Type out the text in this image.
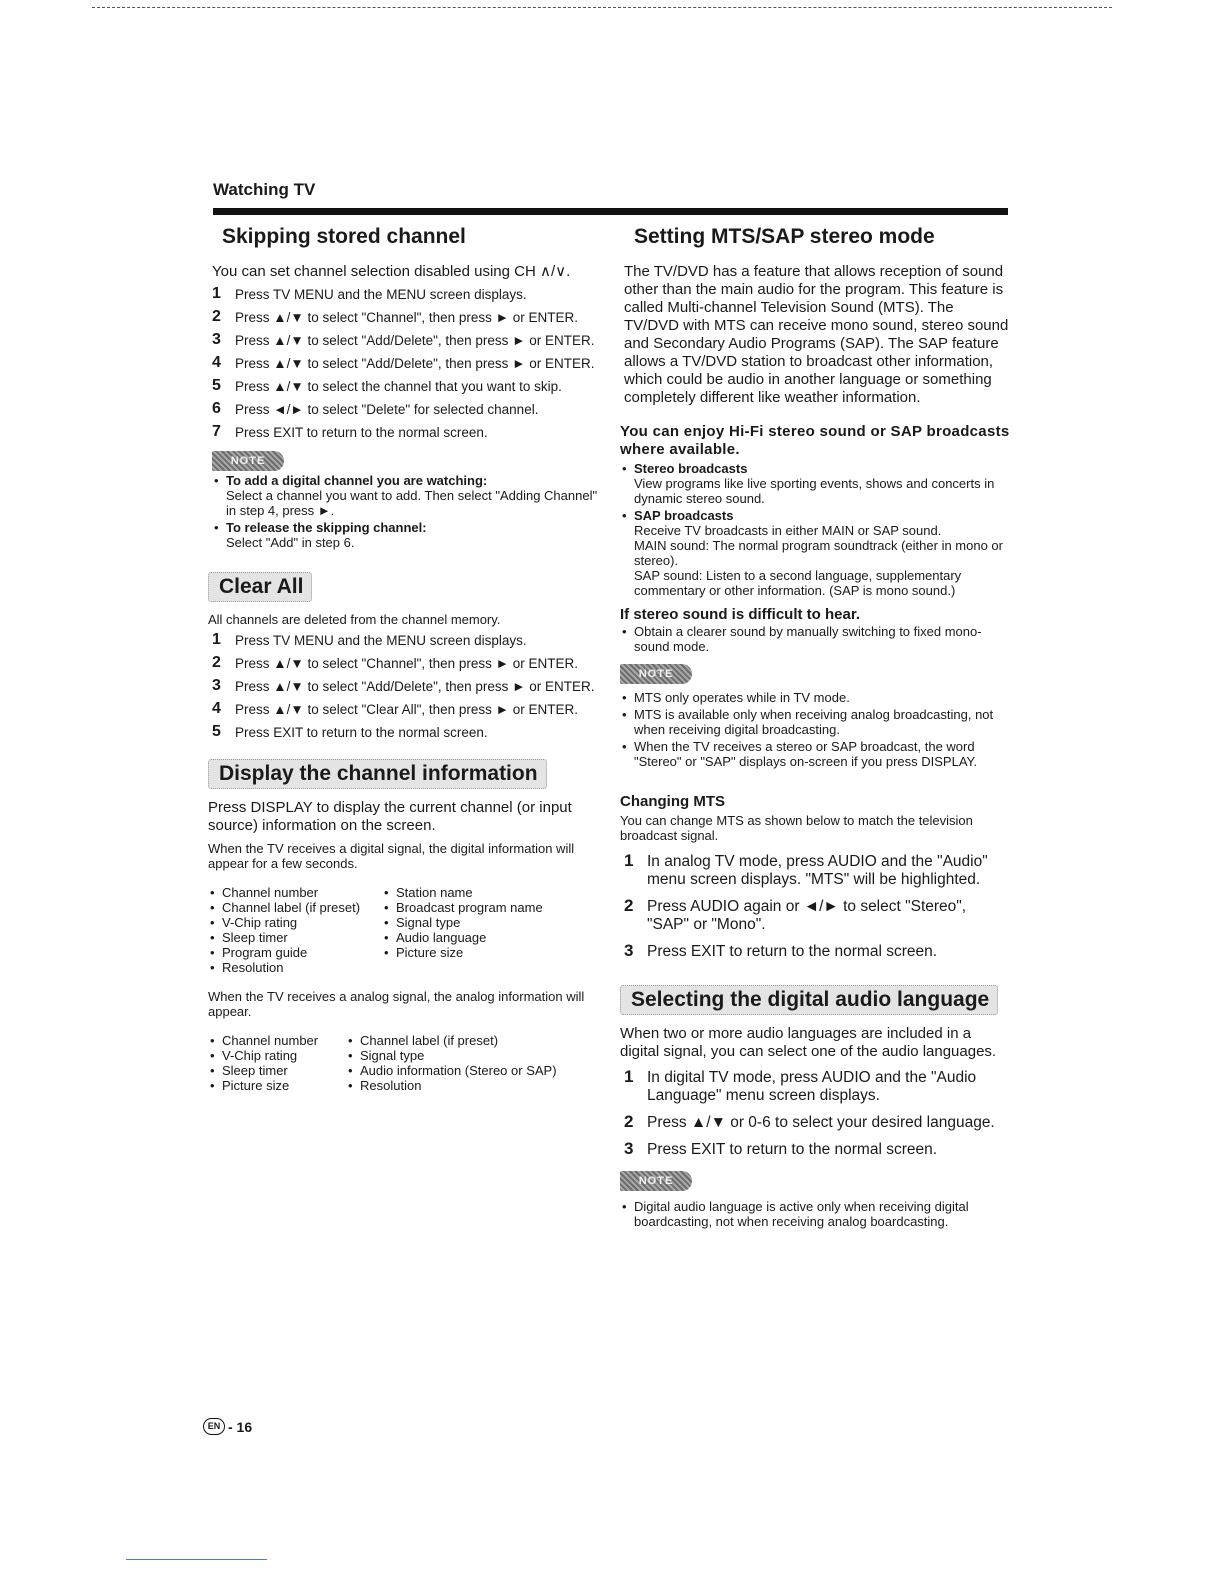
Watching TV
Skipping stored channel

You can set channel selection disabled using CH ∧/∨.

1 Press TV MENU and the MENU screen displays.
2 Press ▲/▼ to select "Channel", then press ► or ENTER.
3 Press ▲/▼ to select "Add/Delete", then press ► or ENTER.
4 Press ▲/▼ to select "Add/Delete", then press ► or ENTER.
5 Press ▲/▼ to select the channel that you want to skip.
6 Press ◄/► to select "Delete" for selected channel.
7 Press EXIT to return to the normal screen.
NOTE
• To add a digital channel you are watching:
Select a channel you want to add. Then select "Adding Channel" in step 4, press ►.
• To release the skipping channel:
Select "Add" in step 6.
Clear All

All channels are deleted from the channel memory.

1 Press TV MENU and the MENU screen displays.
2 Press ▲/▼ to select "Channel", then press ► or ENTER.
3 Press ▲/▼ to select "Add/Delete", then press ► or ENTER.
4 Press ▲/▼ to select "Clear All", then press ► or ENTER.
5 Press EXIT to return to the normal screen.
Display the channel information

Press DISPLAY to display the current channel (or input source) information on the screen.

When the TV receives a digital signal, the digital information will appear for a few seconds.

• Channel number
• Channel label (if preset)
• V-Chip rating
• Sleep timer
• Program guide
• Resolution
• Station name
• Broadcast program name
• Signal type
• Audio language
• Picture size

When the TV receives a analog signal, the analog information will appear.

• Channel number
• V-Chip rating
• Sleep timer
• Picture size
• Channel label (if preset)
• Signal type
• Audio information (Stereo or SAP)
• Resolution
Setting MTS/SAP stereo mode

The TV/DVD has a feature that allows reception of sound other than the main audio for the program. This feature is called Multi-channel Television Sound (MTS). The TV/DVD with MTS can receive mono sound, stereo sound and Secondary Audio Programs (SAP). The SAP feature allows a TV/DVD station to broadcast other information, which could be audio in another language or something completely different like weather information.

You can enjoy Hi-Fi stereo sound or SAP broadcasts where available.

• Stereo broadcasts
View programs like live sporting events, shows and concerts in dynamic stereo sound.
• SAP broadcasts
Receive TV broadcasts in either MAIN or SAP sound.
MAIN sound: The normal program soundtrack (either in mono or stereo).
SAP sound: Listen to a second language, supplementary commentary or other information. (SAP is mono sound.)

If stereo sound is difficult to hear.

• Obtain a clearer sound by manually switching to fixed mono-sound mode.
NOTE
• MTS only operates while in TV mode.
• MTS is available only when receiving analog broadcasting, not when receiving digital broadcasting.
• When the TV receives a stereo or SAP broadcast, the word "Stereo" or "SAP" displays on-screen if you press DISPLAY.

Changing MTS

You can change MTS as shown below to match the television broadcast signal.

1 In analog TV mode, press AUDIO and the "Audio" menu screen displays. "MTS" will be highlighted.
2 Press AUDIO again or ◄/► to select "Stereo", "SAP" or "Mono".
3 Press EXIT to return to the normal screen.
Selecting the digital audio language

When two or more audio languages are included in a digital signal, you can select one of the audio languages.

1 In digital TV mode, press AUDIO and the "Audio Language" menu screen displays.
2 Press ▲/▼ or 0-6 to select your desired language.
3 Press EXIT to return to the normal screen.
NOTE
• Digital audio language is active only when receiving digital boardcasting, not when receiving analog boardcasting.
EN - 16
